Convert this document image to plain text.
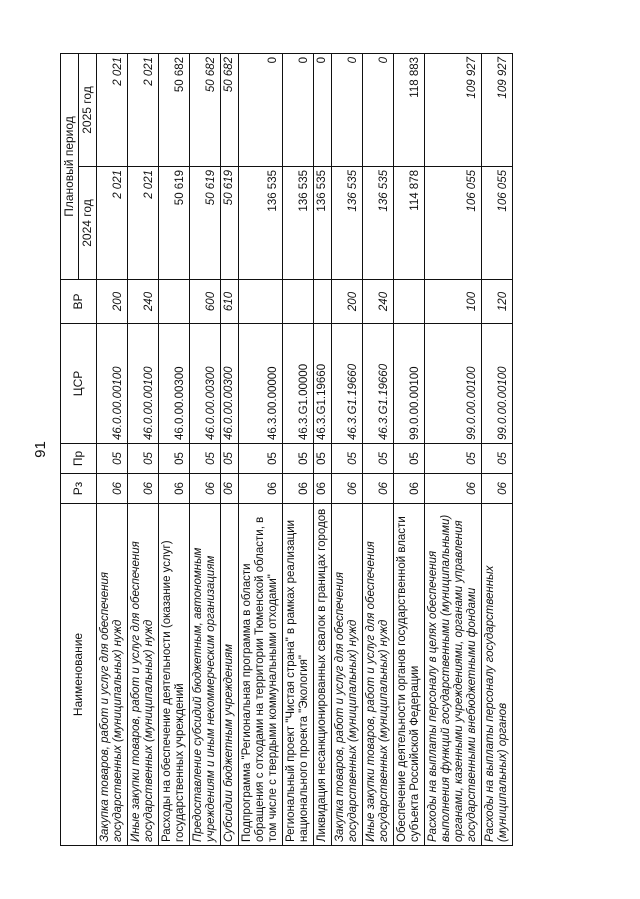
91
Наименование	Рз	Пр	ЦСР	ВР	Плановый период	
					2024 год	2025 год
Закупка товаров, работ и услуг для обеспечения государственных (муниципальных) нужд	06	05	46.0.00.00100	200	2 021	2 021
Иные закупки товаров, работ и услуг для обеспечения государственных (муниципальных) нужд	06	05	46.0.00.00100	240	2 021	2 021
Расходы на обеспечение деятельности (оказание услуг) государственных учреждений	06	05	46.0.00.00300		50 619	50 682
Предоставление субсидий бюджетным, автономным учреждениям и иным некоммерческим организациям	06	05	46.0.00.00300	600	50 619	50 682
Субсидии бюджетным учреждениям	06	05	46.0.00.00300	610	50 619	50 682
Подпрограмма "Региональная программа в области обращения с отходами на территории Тюменской области, в том числе с твердыми коммунальными отходами"	06	05	46.3.00.00000		136 535	0
Региональный проект "Чистая страна" в рамках реализации национального проекта "Экология"	06	05	46.3.G1.00000		136 535	0
Ликвидация несанкционированных свалок в границах городов	06	05	46.3.G1.19660		136 535	0
Закупка товаров, работ и услуг для обеспечения государственных (муниципальных) нужд	06	05	46.3.G1.19660	200	136 535	0
Иные закупки товаров, работ и услуг для обеспечения государственных (муниципальных) нужд	06	05	46.3.G1.19660	240	136 535	0
Обеспечение деятельности органов государственной власти субъекта Российской Федерации	06	05	99.0.00.00100		114 878	118 883
Расходы на выплаты персоналу в целях обеспечения выполнения функций государственными (муниципальными) органами, казенными учреждениями, органами управления государственными внебюджетными фондами	06	05	99.0.00.00100	100	106 055	109 927
Расходы на выплаты персоналу государственных (муниципальных) органов	06	05	99.0.00.00100	120	106 055	109 927
